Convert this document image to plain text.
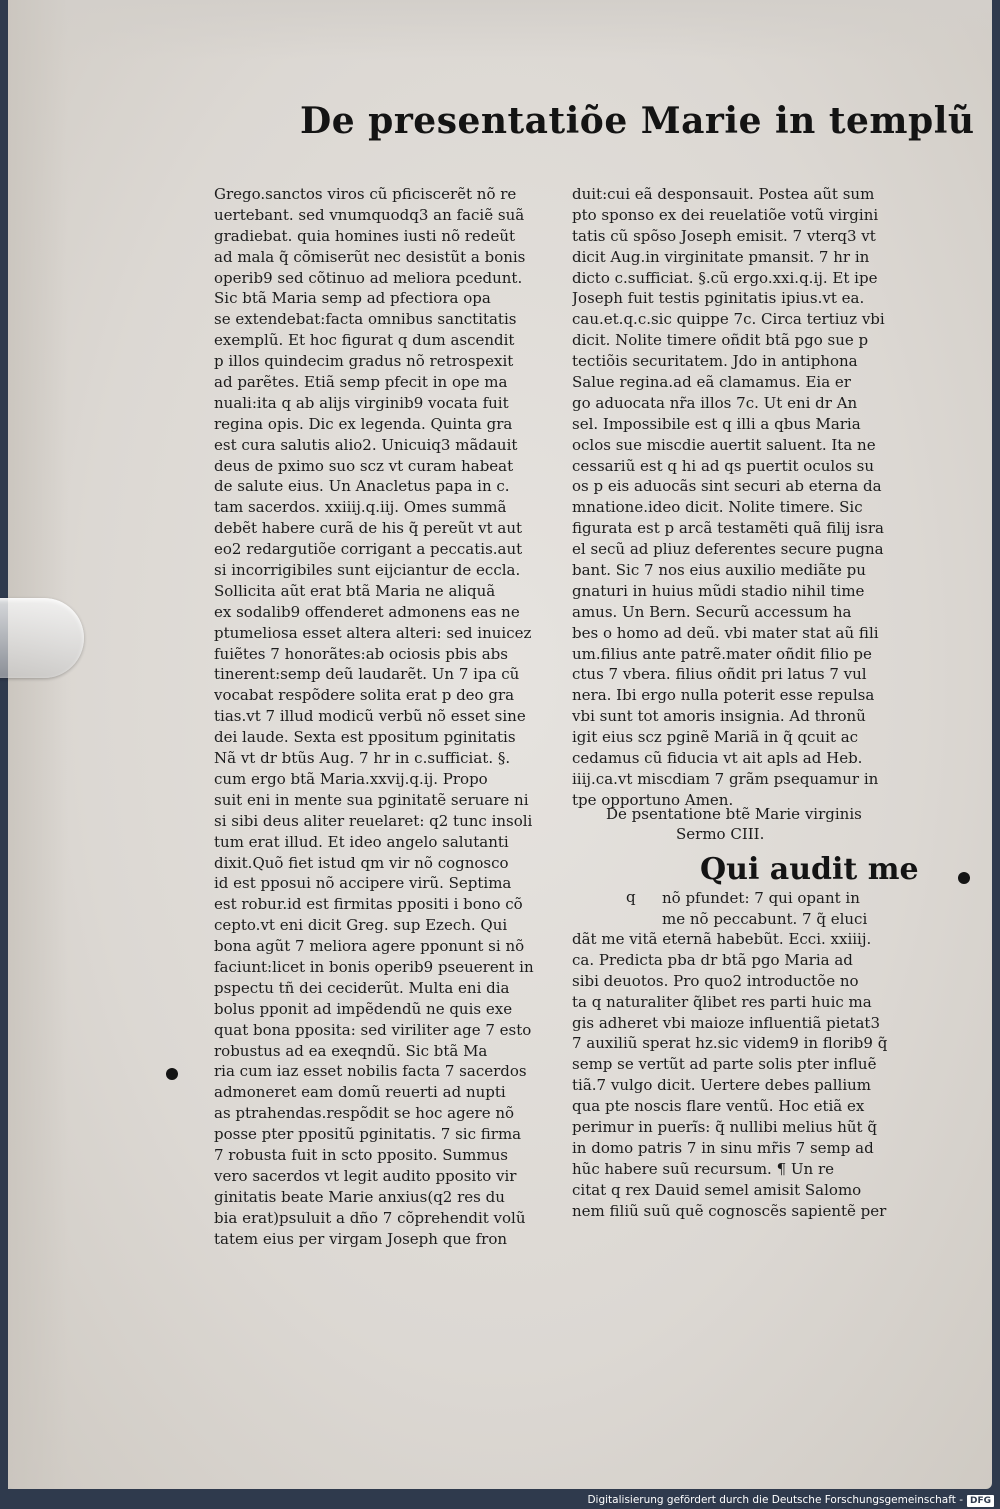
De presentatiõe Marie in templũ
Grego.sanctos viros cũ pficiscerẽt nõ re
uertebant. sed vnumquodq3 an faciẽ suã
gradiebat. quia homines iusti nõ redeũt
ad mala q̃ cõmiserũt nec desistũt a bonis
operib9 sed cõtinuo ad meliora pcedunt.
Sic btã Maria semp ad pfectiora opa
se extendebat:facta omnibus sanctitatis
exemplũ. Et hoc figurat q dum ascendit
p illos quindecim gradus nõ retrospexit
ad parẽtes. Etiã semp pfecit in ope ma
nuali:ita q ab alijs virginib9 vocata fuit
regina opis. Dic ex legenda. Quinta gra
est cura salutis alio2. Unicuiq3 mãdauit
deus de pximo suo scz vt curam habeat
de salute eius. Un Anacletus papa in c.
tam sacerdos. xxiiij.q.iij. Omes summã
debẽt habere curã de his q̃ pereũt vt aut
eo2 redargutiõe corrigant a peccatis.aut
si incorrigibiles sunt eijciantur de eccla.
Sollicita aũt erat btã Maria ne aliquã
ex sodalib9 offenderet admonens eas ne
ptumeliosa esset altera alteri: sed inuicez
fuiẽtes 7 honorãtes:ab ociosis pbis abs
tinerent:semp deũ laudarẽt. Un 7 ipa cũ
vocabat respõdere solita erat p deo gra
tias.vt 7 illud modicũ verbũ nõ esset sine
dei laude. Sexta est ppositum pginitatis
Nã vt dr btũs Aug. 7 hr in c.sufficiat. §.
cum ergo btã Maria.xxvij.q.ij. Propo
suit eni in mente sua pginitatẽ seruare ni
si sibi deus aliter reuelaret: q2 tunc insoli
tum erat illud. Et ideo angelo salutanti
dixit.Quõ fiet istud qm vir nõ cognosco
id est pposui nõ accipere virũ. Septima
est robur.id est firmitas ppositi i bono cõ
cepto.vt eni dicit Greg. sup Ezech. Qui
bona agũt 7 meliora agere pponunt si nõ
faciunt:licet in bonis operib9 pseuerent in
pspectu tñ dei ceciderũt. Multa eni dia
bolus pponit ad impẽdendũ ne quis exe
quat bona pposita: sed viriliter age 7 esto
robustus ad ea exeqndũ. Sic btã Ma
ria cum iaz esset nobilis facta 7 sacerdos
admoneret eam domũ reuerti ad nupti
as ptrahendas.respõdit se hoc agere nõ
posse pter ppositũ pginitatis. 7 sic firma
7 robusta fuit in scto pposito. Summus
vero sacerdos vt legit audito pposito vir
ginitatis beate Marie anxius(q2 res du
bia erat)psuluit a dño 7 cõprehendit volũ
tatem eius per virgam Joseph que fron
duit:cui eã desponsauit. Postea aũt sum
pto sponso ex dei reuelatiõe votũ virgini
tatis cũ spõso Joseph emisit. 7 vterq3 vt
dicit Aug.in virginitate pmansit. 7 hr in
dicto c.sufficiat. §.cũ ergo.xxi.q.ij. Et ipe
Joseph fuit testis pginitatis ipius.vt ea.
cau.et.q.c.sic quippe 7c. Circa tertiuz vbi
dicit. Nolite timere oñdit btã pgo sue p
tectiõis securitatem. Jdo in antiphona
Salue regina.ad eã clamamus. Eia er
go aduocata nr̃a illos 7c. Ut eni dr An
sel. Impossibile est q illi a qbus Maria
oclos sue miscdie auertit saluent. Ita ne
cessariũ est q hi ad qs puertit oculos su
os p eis aduocãs sint securi ab eterna da
mnatione.ideo dicit. Nolite timere. Sic
figurata est p arcã testamẽti quã filij isra
el secũ ad pliuz deferentes secure pugna
bant. Sic 7 nos eius auxilio mediãte pu
gnaturi in huius mũdi stadio nihil time
amus. Un Bern. Securũ accessum ha
bes o homo ad deũ. vbi mater stat aũ fili
um.filius ante patrẽ.mater oñdit filio pe
ctus 7 vbera. filius oñdit pri latus 7 vul
nera. Ibi ergo nulla poterit esse repulsa
vbi sunt tot amoris insignia. Ad thronũ
igit eius scz pginẽ Mariã in q̃ qcuit ac
cedamus cũ fiducia vt ait apls ad Heb.
iiij.ca.vt miscdiam 7 grãm psequamur in
tpe opportuno Amen.
De psentatione btẽ Marie virginis
Sermo CIII.
Qui audit me
q nõ pfundet: 7 qui opant in
me nõ peccabunt. 7 q̃ eluci
dãt me vitã eternã habebũt. Ecci. xxiiij.
ca. Predicta pba dr btã pgo Maria ad
sibi deuotos. Pro quo2 introductõe no
ta q naturaliter q̃libet res parti huic ma
gis adheret vbi maioze influentiã pietat3
7 auxiliũ sperat hz.sic videm9 in florib9 q̃
semp se vertũt ad parte solis pter influẽ
tiã.7 vulgo dicit. Uertere debes pallium
qua pte noscis flare ventũ. Hoc etiã ex
perimur in puerĩs: q̃ nullibi melius hũt q̃
in domo patris 7 in sinu mr̃is 7 semp ad
hũc habere suũ recursum. ¶ Un re
citat q rex Dauid semel amisit Salomo
nem filiũ suũ quẽ cognoscẽs sapientẽ per
Digitalisierung gefördert durch die Deutsche Forschungsgemeinschaft - DFG
